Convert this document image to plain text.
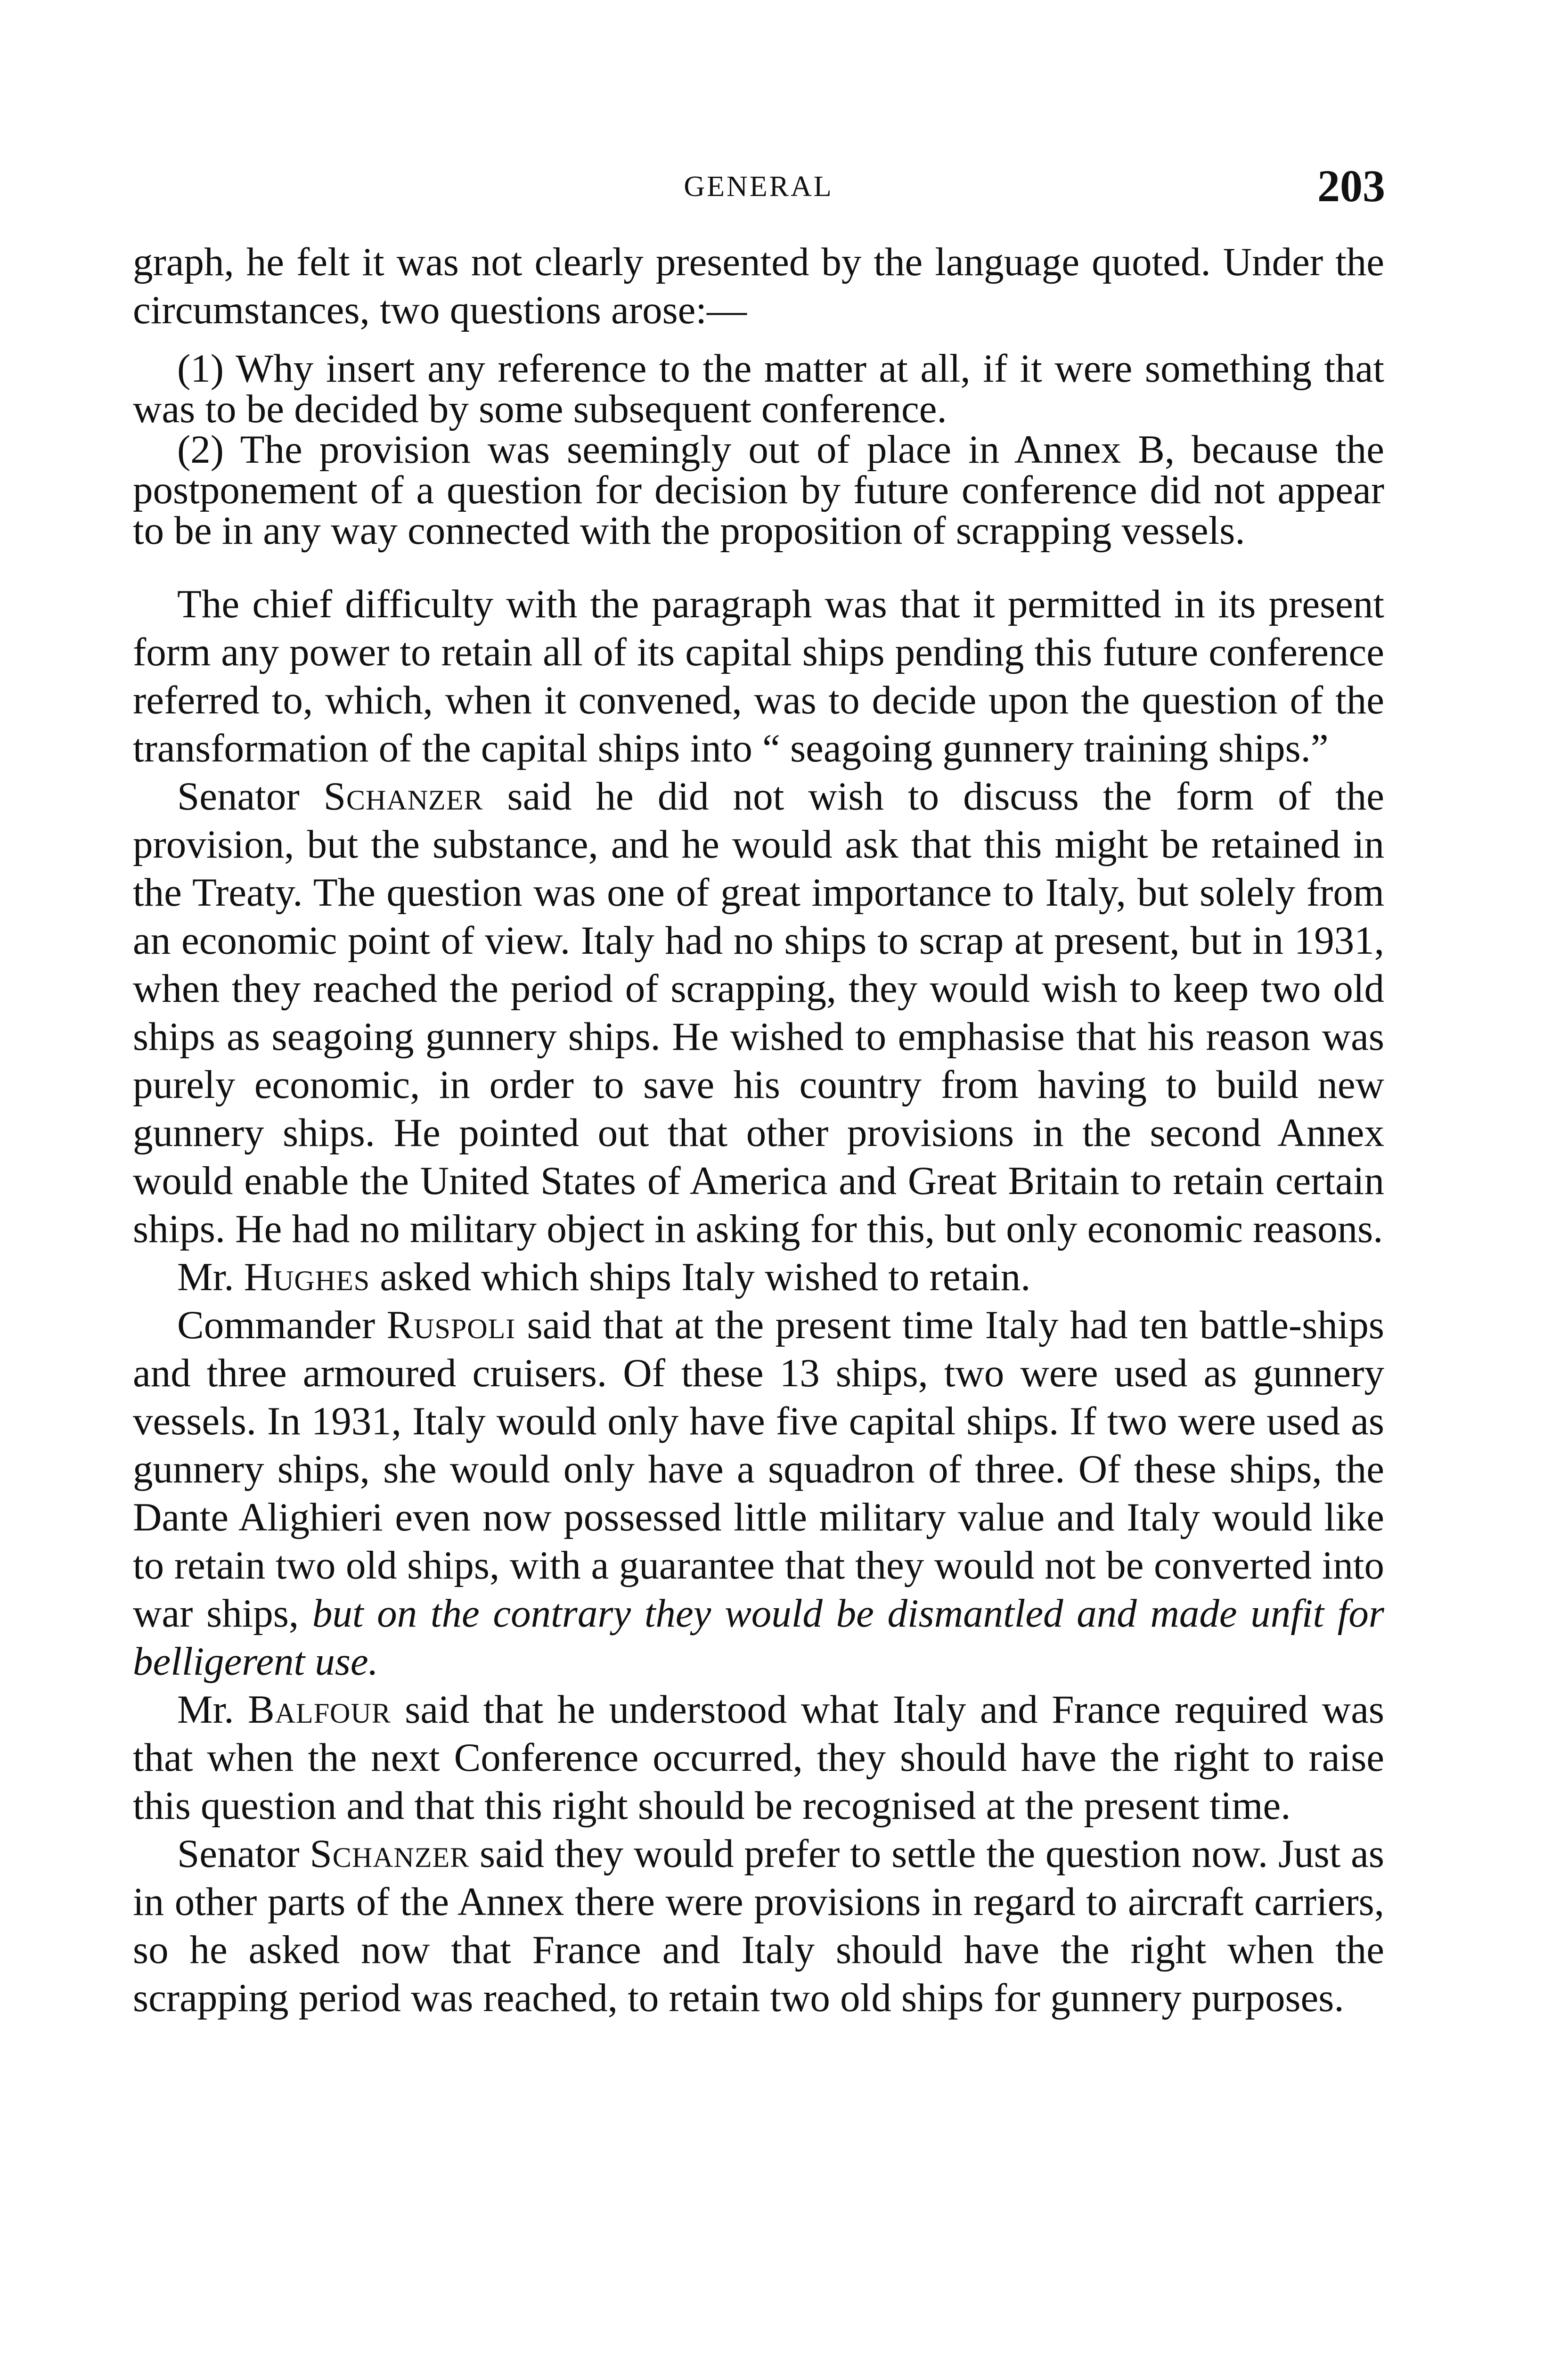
GENERAL	203

graph, he felt it was not clearly presented by the language quoted. Under the circumstances, two questions arose:—

(1) Why insert any reference to the matter at all, if it were something that was to be decided by some subsequent conference.

(2) The provision was seemingly out of place in Annex B, because the postponement of a question for decision by future conference did not appear to be in any way connected with the proposition of scrapping vessels.

The chief difficulty with the paragraph was that it permitted in its present form any power to retain all of its capital ships pending this future conference referred to, which, when it convened, was to decide upon the question of the transformation of the capital ships into “ seagoing gunnery training ships.”

Senator Schanzer said he did not wish to discuss the form of the provision, but the substance, and he would ask that this might be retained in the Treaty. The question was one of great importance to Italy, but solely from an economic point of view. Italy had no ships to scrap at present, but in 1931, when they reached the period of scrapping, they would wish to keep two old ships as seagoing gunnery ships. He wished to emphasise that his reason was purely economic, in order to save his country from having to build new gunnery ships. He pointed out that other provisions in the second Annex would enable the United States of America and Great Britain to retain certain ships. He had no military object in asking for this, but only economic reasons.

Mr. Hughes asked which ships Italy wished to retain.

Commander Ruspoli said that at the present time Italy had ten battle-ships and three armoured cruisers. Of these 13 ships, two were used as gunnery vessels. In 1931, Italy would only have five capital ships. If two were used as gunnery ships, she would only have a squadron of three. Of these ships, the Dante Alighieri even now possessed little military value and Italy would like to retain two old ships, with a guarantee that they would not be converted into war ships, but on the contrary they would be dismantled and made unfit for belligerent use.

Mr. Balfour said that he understood what Italy and France required was that when the next Conference occurred, they should have the right to raise this question and that this right should be recognised at the present time.

Senator Schanzer said they would prefer to settle the question now. Just as in other parts of the Annex there were provisions in regard to aircraft carriers, so he asked now that France and Italy should have the right when the scrapping period was reached, to retain two old ships for gunnery purposes.
